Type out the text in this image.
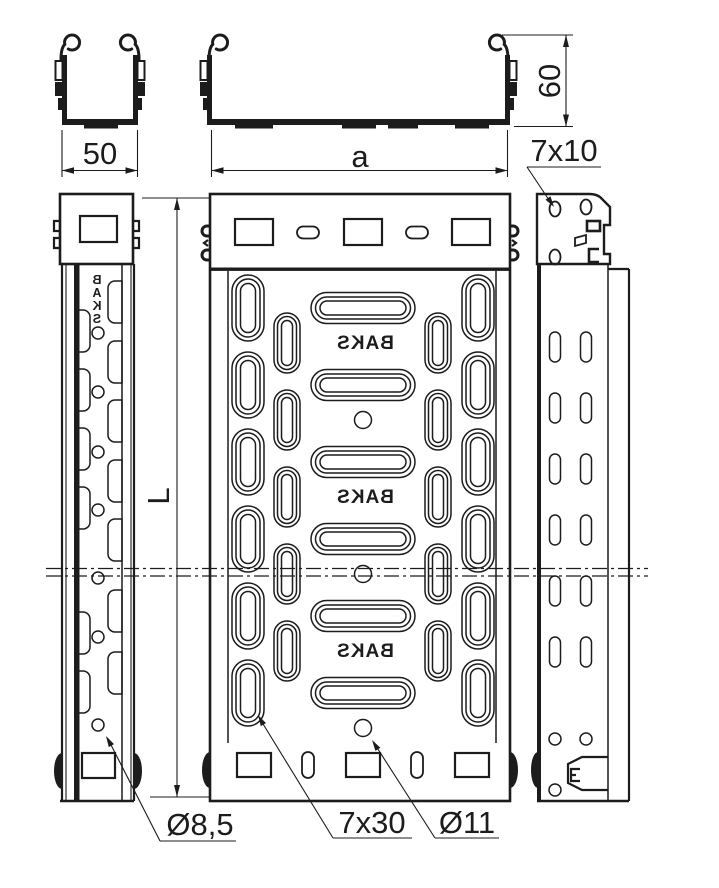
50	a
60
7x10
B
A
K
S
L
BAKS
BAKS
BAKS
Ø8,5	7x30 Ø11
